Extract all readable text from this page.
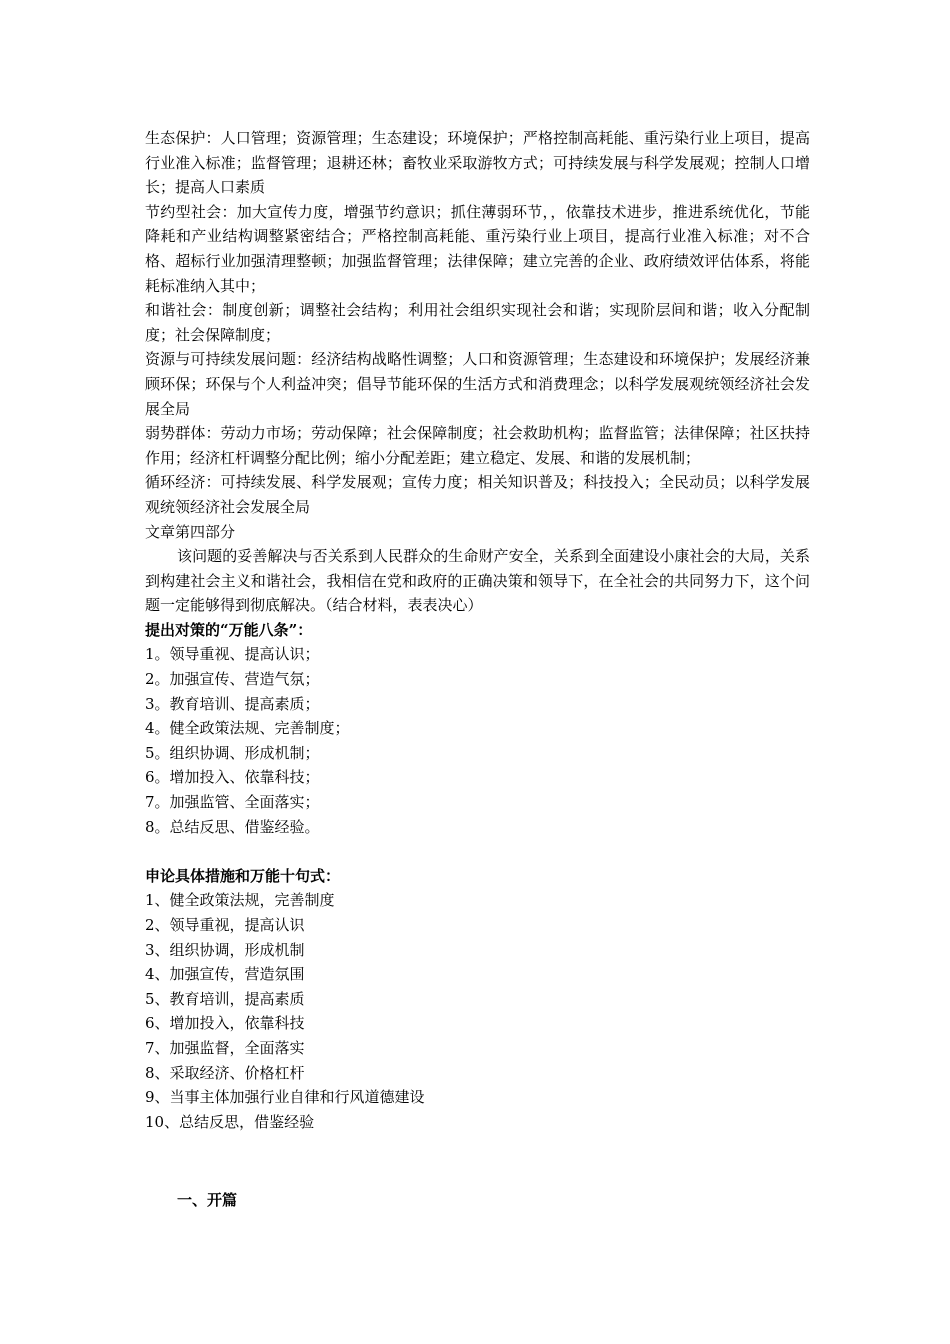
生态保护：人口管理；资源管理；生态建设；环境保护；严格控制高耗能、重污染行业上项目，提高行业准入标准；监督管理；退耕还林；畜牧业采取游牧方式；可持续发展与科学发展观；控制人口增长；提高人口素质

节约型社会：加大宣传力度，增强节约意识；抓住薄弱环节，，依靠技术进步，推进系统优化，节能降耗和产业结构调整紧密结合；严格控制高耗能、重污染行业上项目，提高行业准入标准；对不合格、超标行业加强清理整顿；加强监督管理；法律保障；建立完善的企业、政府绩效评估体系，将能耗标准纳入其中；

和谐社会：制度创新；调整社会结构；利用社会组织实现社会和谐；实现阶层间和谐；收入分配制度；社会保障制度；

资源与可持续发展问题：经济结构战略性调整；人口和资源管理；生态建设和环境保护；发展经济兼顾环保；环保与个人利益冲突；倡导节能环保的生活方式和消费理念；以科学发展观统领经济社会发展全局

弱势群体：劳动力市场；劳动保障；社会保障制度；社会救助机构；监督监管；法律保障；社区扶持作用；经济杠杆调整分配比例；缩小分配差距；建立稳定、发展、和谐的发展机制；

循环经济：可持续发展、科学发展观；宣传力度；相关知识普及；科技投入；全民动员；以科学发展观统领经济社会发展全局

文章第四部分

该问题的妥善解决与否关系到人民群众的生命财产安全，关系到全面建设小康社会的大局，关系到构建社会主义和谐社会，我相信在党和政府的正确决策和领导下，在全社会的共同努力下，这个问题一定能够得到彻底解决。（结合材料，表表决心）

提出对策的“万能八条”：

1。领导重视、提高认识；

2。加强宣传、营造气氛；

3。教育培训、提高素质；

4。健全政策法规、完善制度；

5。组织协调、形成机制；

6。增加投入、依靠科技；

7。加强监管、全面落实；

8。总结反思、借鉴经验。

申论具体措施和万能十句式：

1、健全政策法规，完善制度

2、领导重视，提高认识

3、组织协调，形成机制

4、加强宣传，营造氛围

5、教育培训，提高素质

6、增加投入，依靠科技

7、加强监督，全面落实

8、采取经济、价格杠杆

9、当事主体加强行业自律和行风道德建设

10、总结反思，借鉴经验

一、开篇
